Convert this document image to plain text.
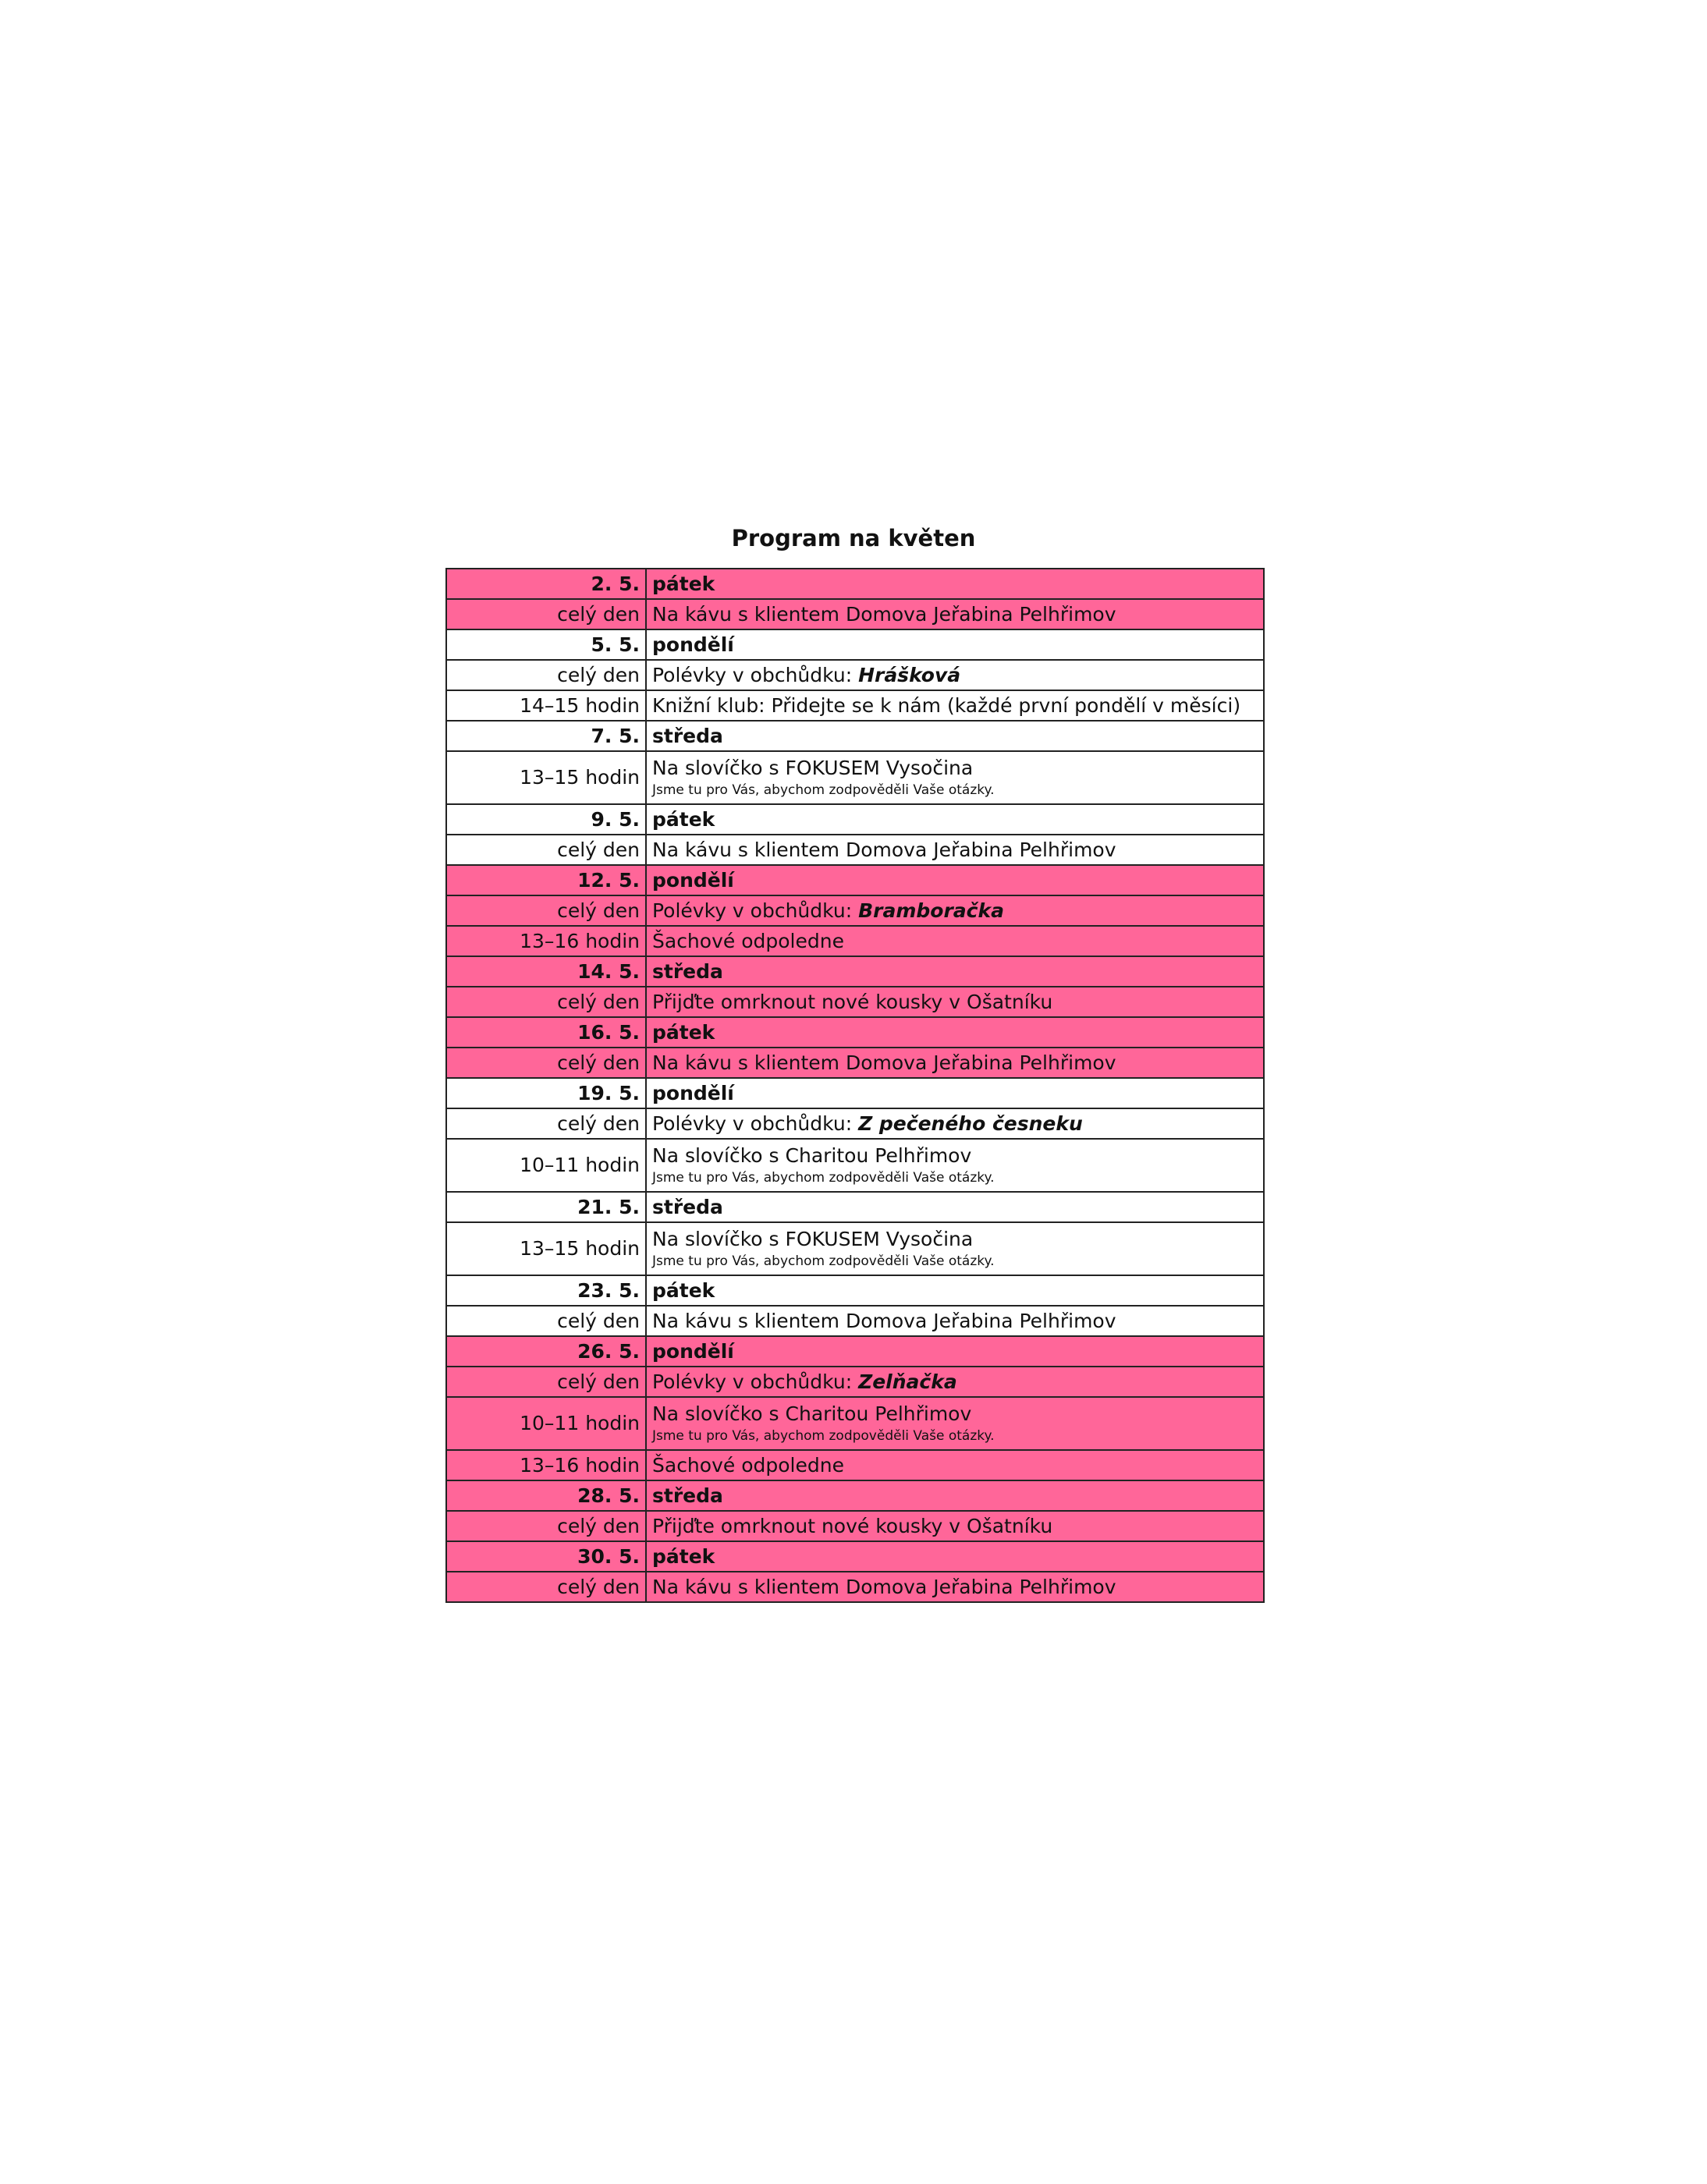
Program na květen
2. 5.	pátek
celý den	Na kávu s klientem Domova Jeřabina Pelhřimov
5. 5.	pondělí
celý den	Polévky v obchůdku: Hrášková
14–15 hodin	Knižní klub: Přidejte se k nám (každé první pondělí v měsíci)
7. 5.	středa
13–15 hodin	Na slovíčko s FOKUSEM Vysočina
Jsme tu pro Vás, abychom zodpověděli Vaše otázky.

9. 5.	pátek
celý den	Na kávu s klientem Domova Jeřabina Pelhřimov
12. 5.	pondělí
celý den	Polévky v obchůdku: Bramboračka
13–16 hodin	Šachové odpoledne
14. 5.	středa
celý den	Přijďte omrknout nové kousky v Ošatníku
16. 5.	pátek
celý den	Na kávu s klientem Domova Jeřabina Pelhřimov
19. 5.	pondělí
celý den	Polévky v obchůdku: Z pečeného česneku
10–11 hodin	Na slovíčko s Charitou Pelhřimov
Jsme tu pro Vás, abychom zodpověděli Vaše otázky.

21. 5.	středa
13–15 hodin	Na slovíčko s FOKUSEM Vysočina
Jsme tu pro Vás, abychom zodpověděli Vaše otázky.

23. 5.	pátek
celý den	Na kávu s klientem Domova Jeřabina Pelhřimov
26. 5.	pondělí
celý den	Polévky v obchůdku: Zelňačka
10–11 hodin	Na slovíčko s Charitou Pelhřimov
Jsme tu pro Vás, abychom zodpověděli Vaše otázky.

13–16 hodin	Šachové odpoledne
28. 5.	středa
celý den	Přijďte omrknout nové kousky v Ošatníku
30. 5.	pátek
celý den	Na kávu s klientem Domova Jeřabina Pelhřimov
